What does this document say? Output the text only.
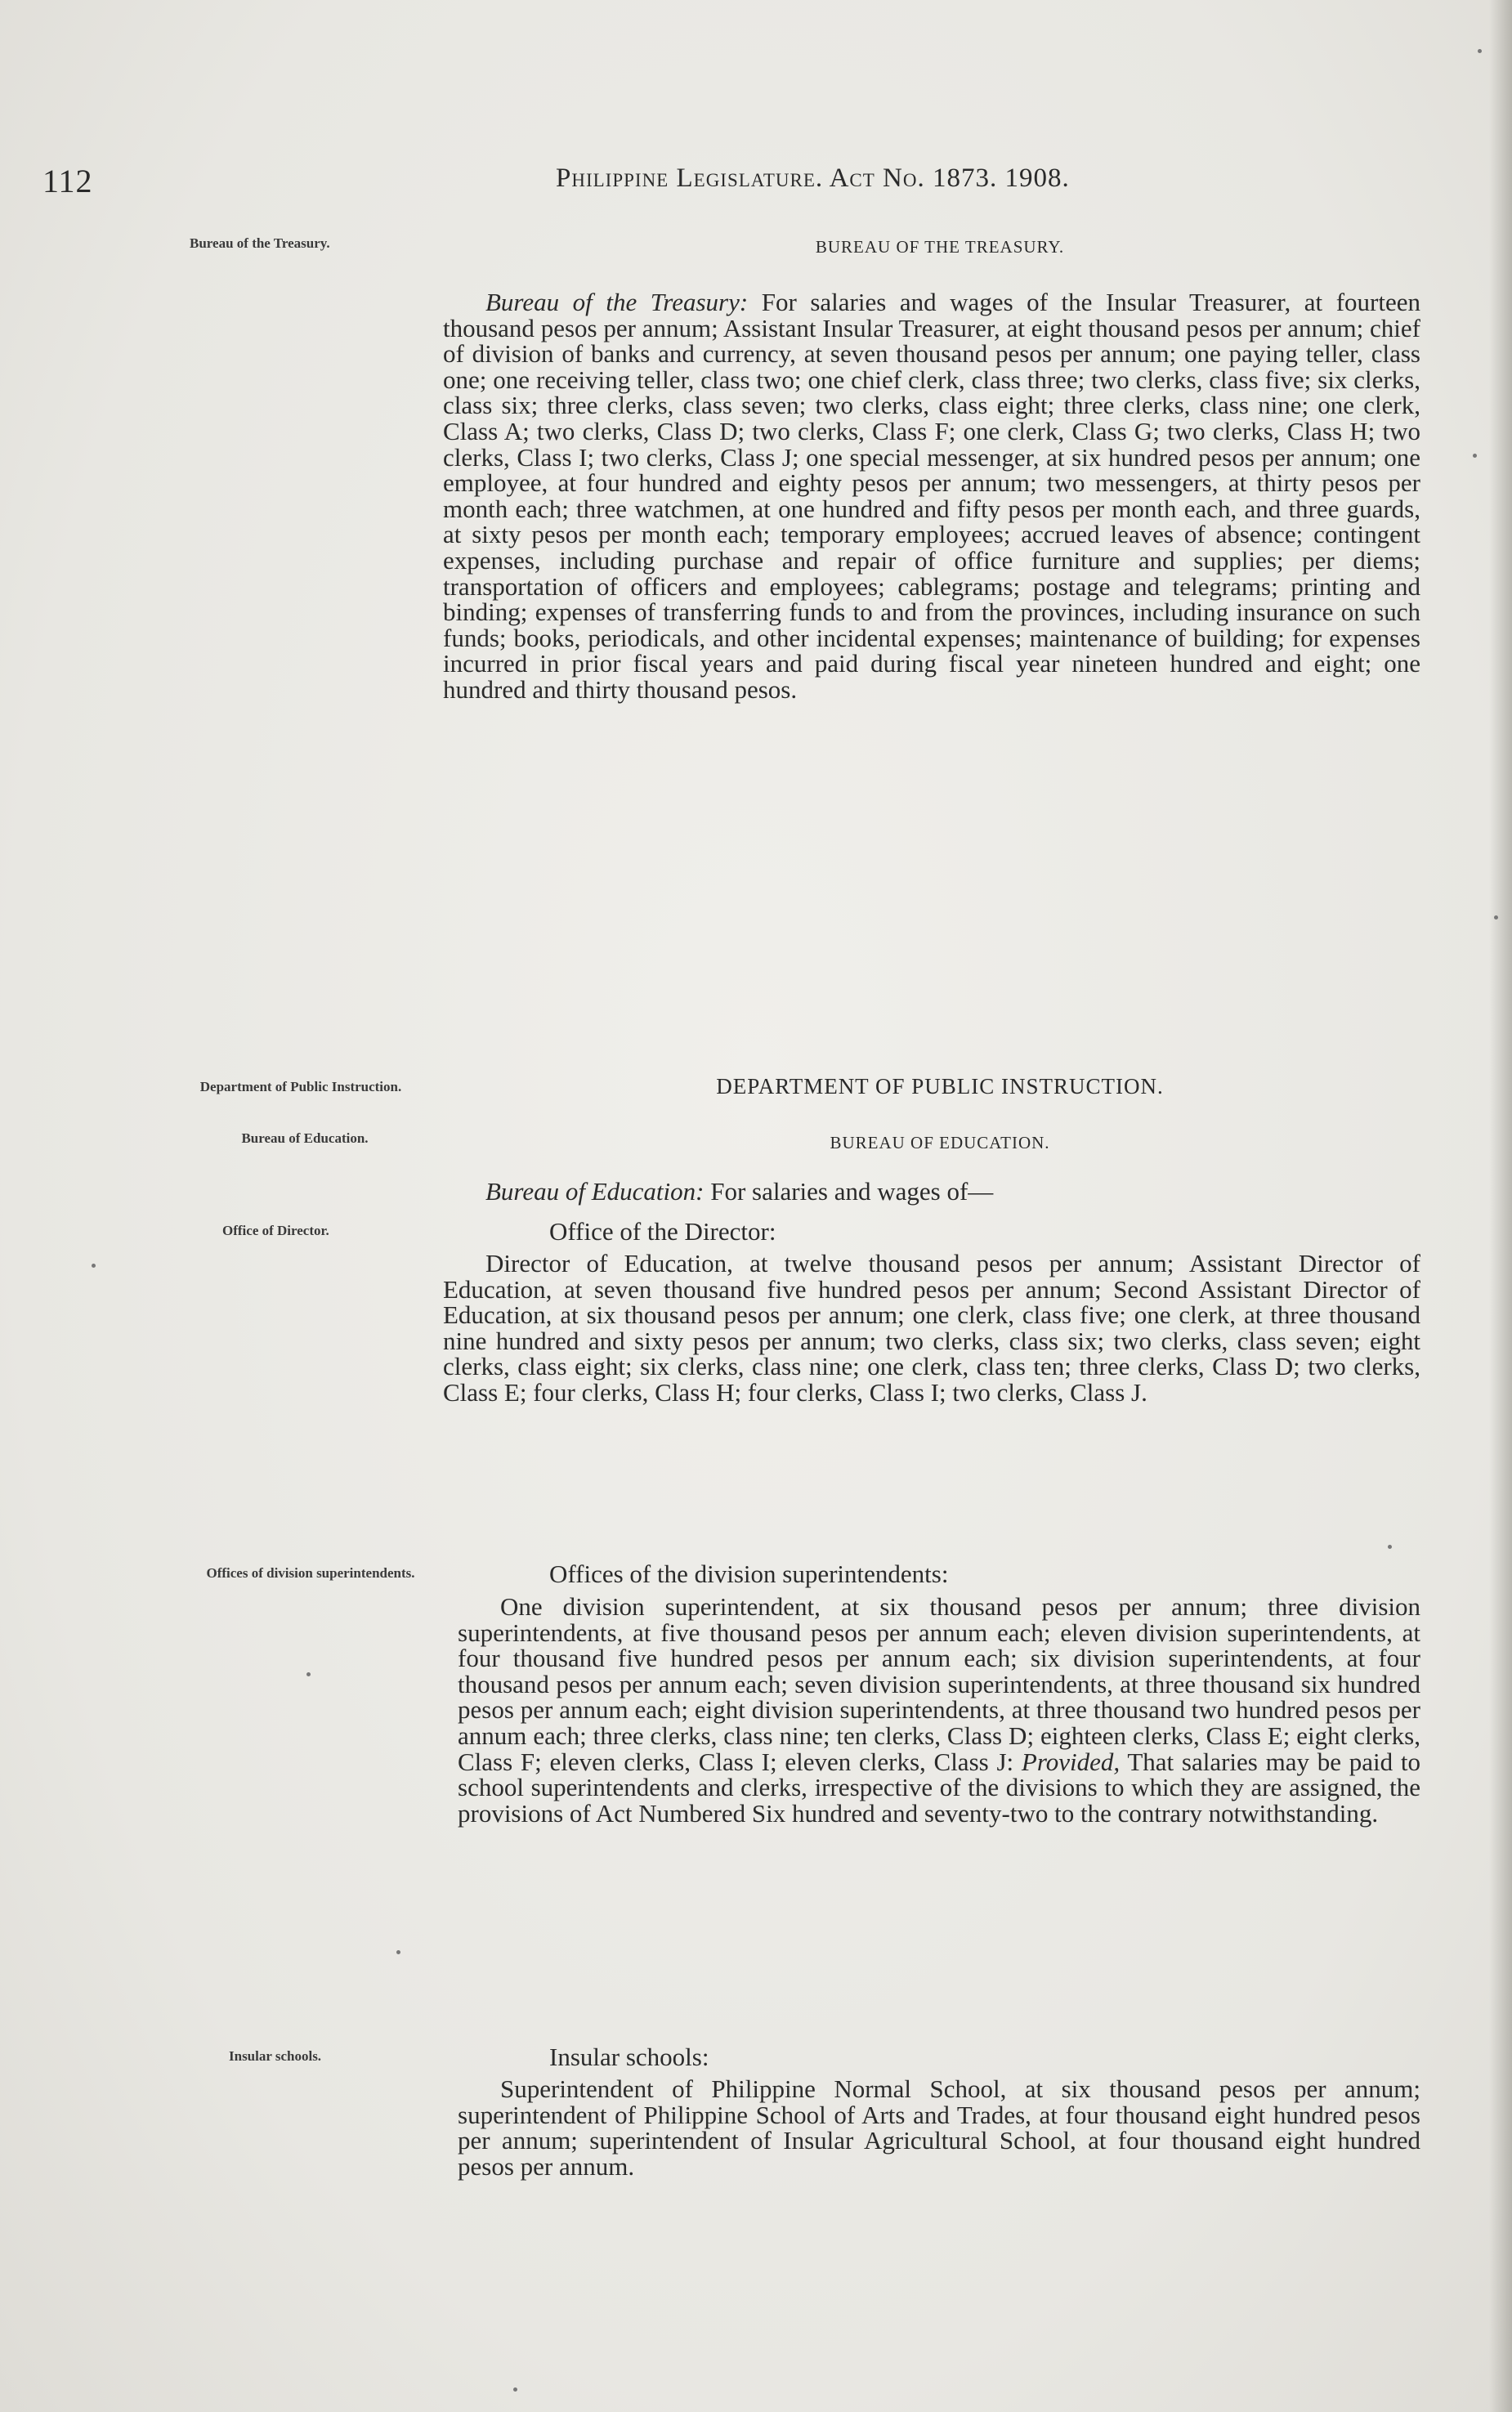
112	Philippine Legislature. Act No. 1873. 1908.
Bureau of the Treasury.
Department of Public Instruction.
Bureau of Education.
Office of Director.
Offices of division superintendents.
Insular schools.
BUREAU OF THE TREASURY.

Bureau of the Treasury: For salaries and wages of the Insular Treasurer, at fourteen thousand pesos per annum; Assistant Insular Treasurer, at eight thousand pesos per annum; chief of division of banks and currency, at seven thousand pesos per annum; one paying teller, class one; one receiving teller, class two; one chief clerk, class three; two clerks, class five; six clerks, class six; three clerks, class seven; two clerks, class eight; three clerks, class nine; one clerk, Class A; two clerks, Class D; two clerks, Class F; one clerk, Class G; two clerks, Class H; two clerks, Class I; two clerks, Class J; one special messenger, at six hundred pesos per annum; one employee, at four hundred and eighty pesos per annum; two messengers, at thirty pesos per month each; three watchmen, at one hundred and fifty pesos per month each, and three guards, at sixty pesos per month each; temporary employees; accrued leaves of absence; contingent expenses, including purchase and repair of office furniture and supplies; per diems; transportation of officers and employees; cablegrams; postage and telegrams; printing and binding; expenses of transferring funds to and from the provinces, including insurance on such funds; books, periodicals, and other incidental expenses; maintenance of building; for expenses incurred in prior fiscal years and paid during fiscal year nineteen hundred and eight; one hundred and thirty thousand pesos.

DEPARTMENT OF PUBLIC INSTRUCTION.
BUREAU OF EDUCATION.

Bureau of Education: For salaries and wages of—

Office of the Director:

Director of Education, at twelve thousand pesos per annum; Assistant Director of Education, at seven thousand five hundred pesos per annum; Second Assistant Director of Education, at six thousand pesos per annum; one clerk, class five; one clerk, at three thousand nine hundred and sixty pesos per annum; two clerks, class six; two clerks, class seven; eight clerks, class eight; six clerks, class nine; one clerk, class ten; three clerks, Class D; two clerks, Class E; four clerks, Class H; four clerks, Class I; two clerks, Class J.

Offices of the division superintendents:

One division superintendent, at six thousand pesos per annum; three division superintendents, at five thousand pesos per annum each; eleven division superintendents, at four thousand five hundred pesos per annum each; six division superintendents, at four thousand pesos per annum each; seven division superintendents, at three thousand six hundred pesos per annum each; eight division superintendents, at three thousand two hundred pesos per annum each; three clerks, class nine; ten clerks, Class D; eighteen clerks, Class E; eight clerks, Class F; eleven clerks, Class I; eleven clerks, Class J: Provided, That salaries may be paid to school superintendents and clerks, irrespective of the divisions to which they are assigned, the provisions of Act Numbered Six hundred and seventy-two to the contrary notwithstanding.

Insular schools:

Superintendent of Philippine Normal School, at six thousand pesos per annum; superintendent of Philippine School of Arts and Trades, at four thousand eight hundred pesos per annum; superintendent of Insular Agricultural School, at four thousand eight hundred pesos per annum.
